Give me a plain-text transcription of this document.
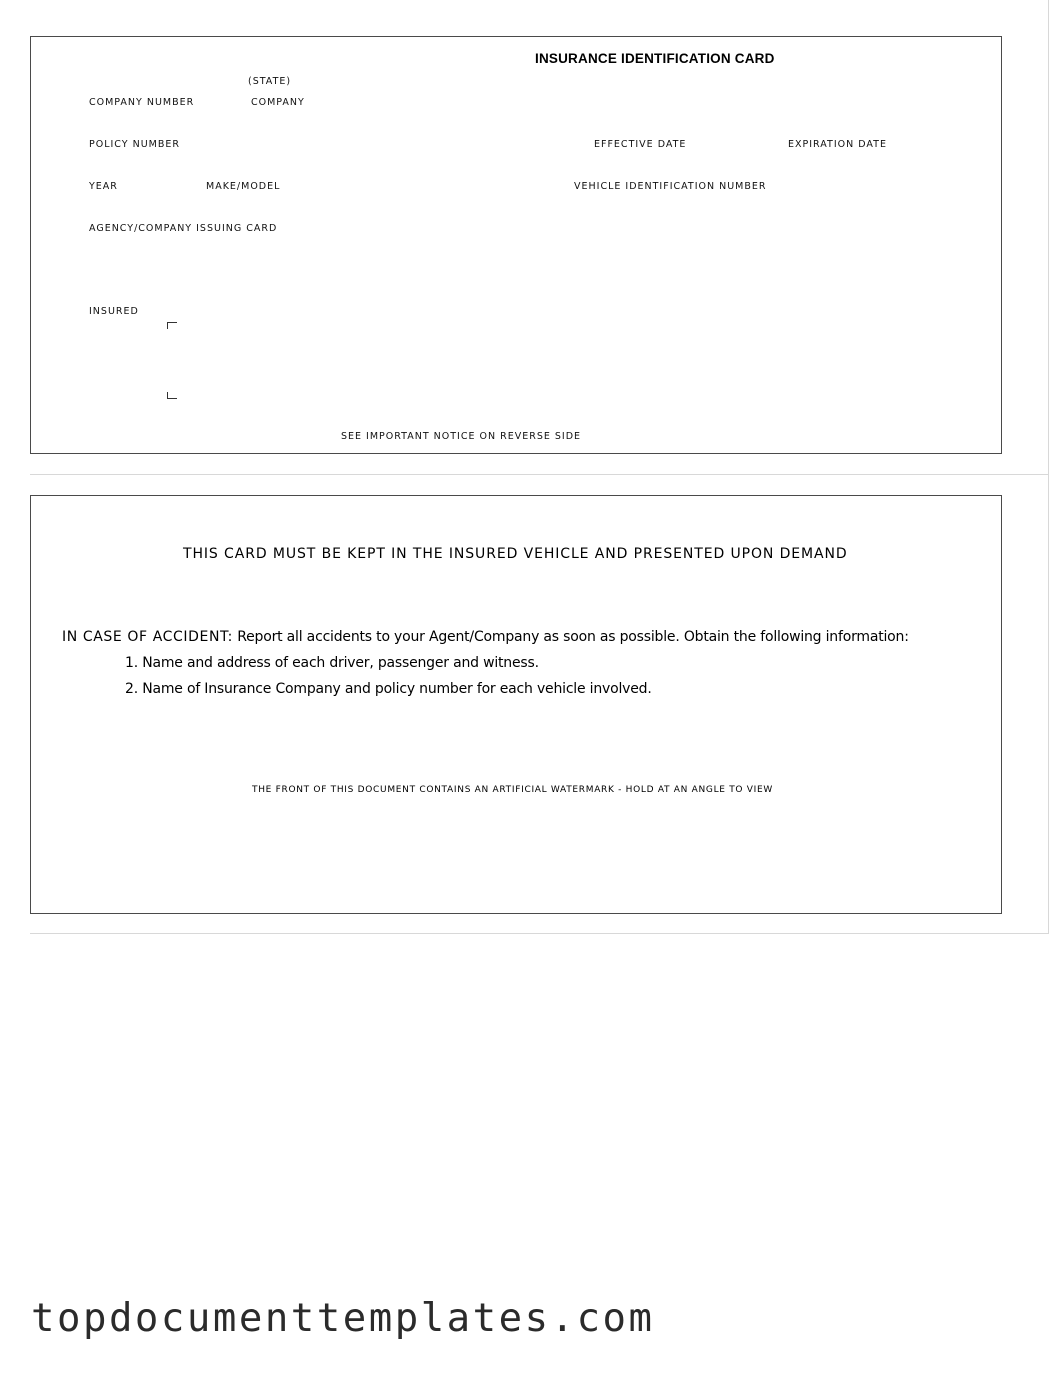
INSURANCE IDENTIFICATION CARD
(STATE)
COMPANY NUMBER	COMPANY
POLICY NUMBER	EFFECTIVE DATE	EXPIRATION DATE
YEAR	MAKE/MODEL	VEHICLE IDENTIFICATION NUMBER
AGENCY/COMPANY ISSUING CARD
INSURED
SEE IMPORTANT NOTICE ON REVERSE SIDE
THIS CARD MUST BE KEPT IN THE INSURED VEHICLE AND PRESENTED UPON DEMAND
IN CASE OF ACCIDENT: Report all accidents to your Agent/Company as soon as possible. Obtain the following information:
1. Name and address of each driver, passenger and witness.
2. Name of Insurance Company and policy number for each vehicle involved.
THE FRONT OF THIS DOCUMENT CONTAINS AN ARTIFICIAL WATERMARK - HOLD AT AN ANGLE TO VIEW
topdocumenttemplates.com
